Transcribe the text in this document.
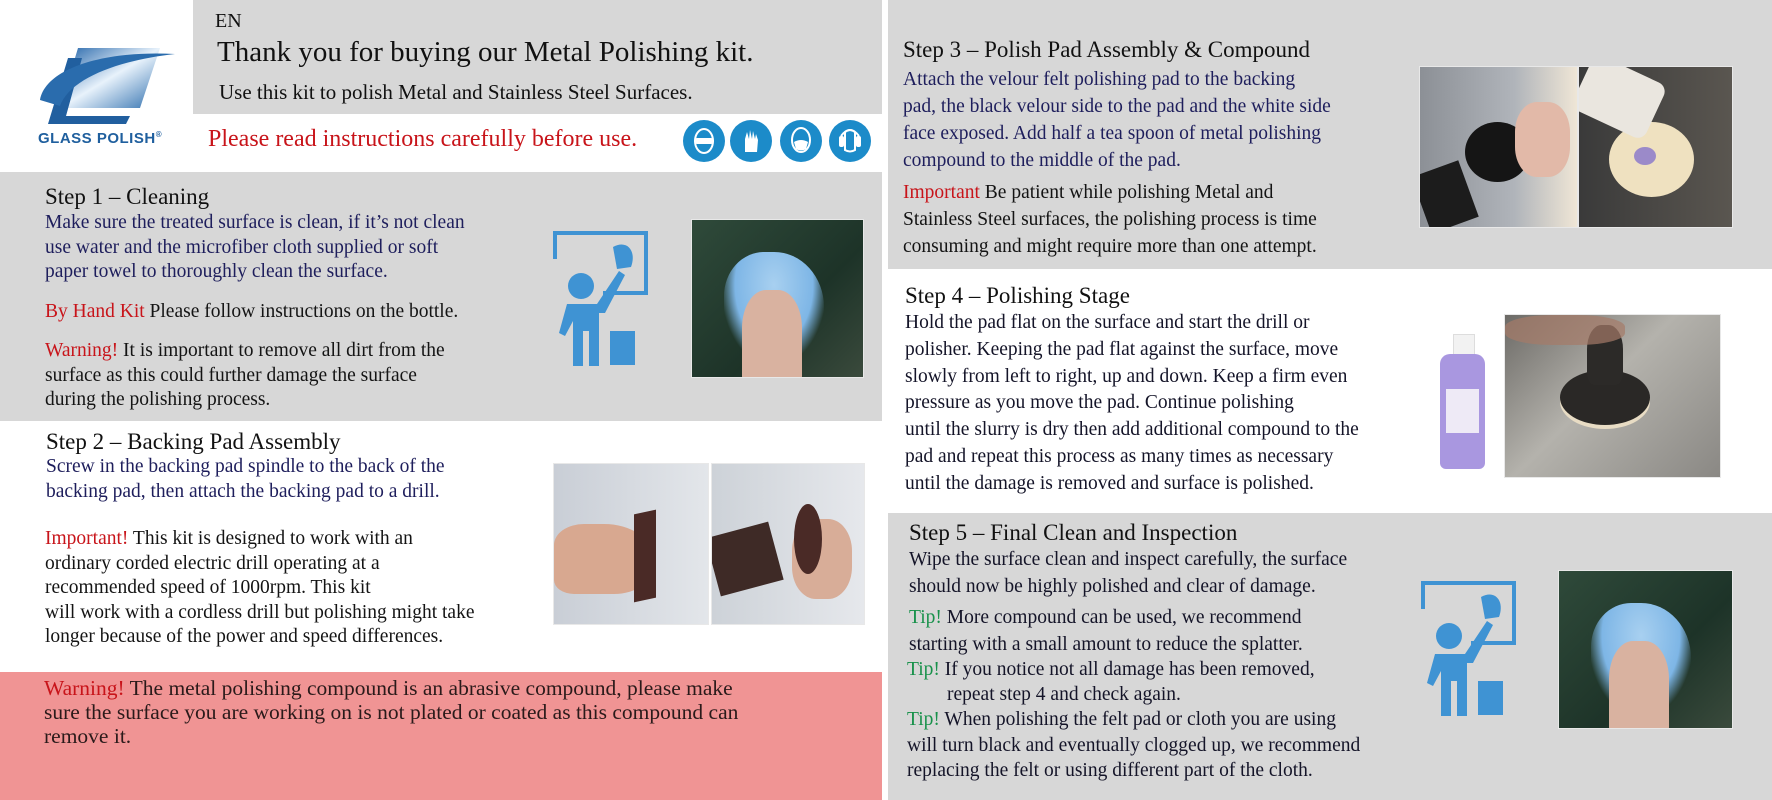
GLASS POLISH®
EN
Thank you for buying our Metal Polishing kit.
Use this kit to polish Metal and Stainless Steel Surfaces.
Please read instructions carefully before use.
Step 1 – Cleaning
Make sure the treated surface is clean, if it’s not clean
use water and the microfiber cloth supplied or soft
paper towel to thoroughly clean the surface.
By Hand Kit Please follow instructions on the bottle.
Warning! It is important to remove all dirt from the
surface as this could further damage the surface
during the polishing process.
Step 2 – Backing Pad Assembly
Screw in the backing pad spindle to the back of the
backing pad, then attach the backing pad to a drill.
Important! This kit is designed to work with an
ordinary corded electric drill operating at a
recommended speed of 1000rpm. This kit
will work with a cordless drill but polishing might take
longer because of the power and speed differences.
Warning! The metal polishing compound is an abrasive compound, please make
sure the surface you are working on is not plated or coated as this compound can
remove it.
Step 3 – Polish Pad Assembly & Compound
Attach the velour felt polishing pad to the backing
pad, the black velour side to the pad and the white side
face exposed. Add half a tea spoon of metal polishing
compound to the middle of the pad.
Important Be patient while polishing Metal and
Stainless Steel surfaces, the polishing process is time
consuming and might require more than one attempt.
Step 4 – Polishing Stage
Hold the pad flat on the surface and start the drill or
polisher. Keeping the pad flat against the surface, move
slowly from left to right, up and down. Keep a firm even
pressure as you move the pad. Continue polishing
until the slurry is dry then add additional compound to the
pad and repeat this process as many times as necessary
until the damage is removed and surface is polished.
Step 5 – Final Clean and Inspection
Wipe the surface clean and inspect carefully, the surface
should now be highly polished and clear of damage.
Tip! More compound can be used, we recommend
starting with a small amount to reduce the splatter.
Tip! If you notice not all damage has been removed,
repeat step 4 and check again.
Tip! When polishing the felt pad or cloth you are using
will turn black and eventually clogged up, we recommend
replacing the felt or using different part of the cloth.
